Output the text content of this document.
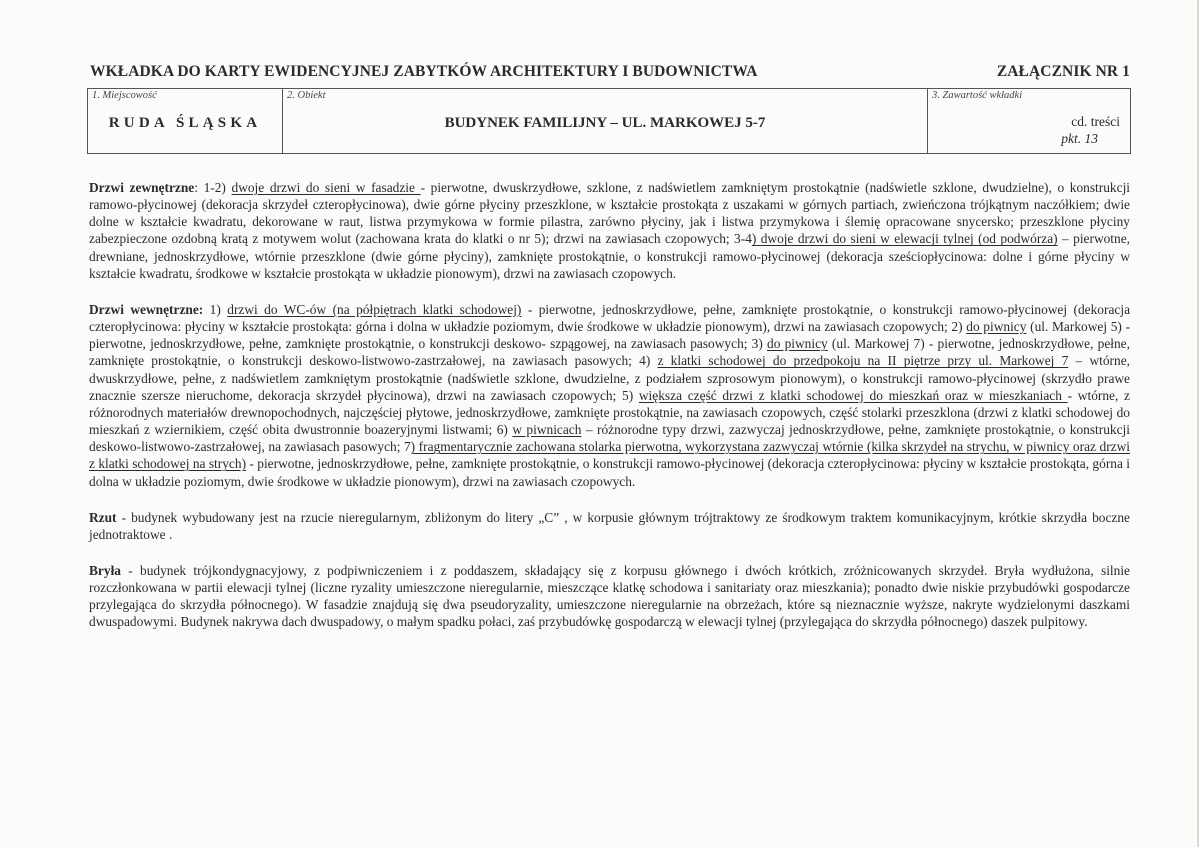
WKŁADKA DO KARTY EWIDENCYJNEJ ZABYTKÓW ARCHITEKTURY I BUDOWNICTWA	ZAŁĄCZNIK NR 1
1. Miejscowość
RUDA ŚLĄSKA
2. Obiekt
BUDYNEK FAMILIJNY – UL. MARKOWEJ 5-7
3. Zawartość wkładki
cd. treści
pkt. 13

Drzwi zewnętrzne: 1-2) dwoje drzwi do sieni w fasadzie - pierwotne, dwuskrzydłowe, szklone, z nadświetlem zamkniętym prostokątnie (nadświetle szklone, dwudzielne), o konstrukcji ramowo-płycinowej (dekoracja skrzydeł czteropłycinowa), dwie górne płyciny przeszklone, w kształcie prostokąta z uszakami w górnych partiach, zwieńczona trójkątnym naczółkiem; dwie dolne w kształcie kwadratu, dekorowane w raut, listwa przymykowa w formie pilastra, zarówno płyciny, jak i listwa przymykowa i ślemię opracowane snycersko; przeszklone płyciny zabezpieczone ozdobną kratą z motywem wolut (zachowana krata do klatki o nr 5); drzwi na zawiasach czopowych; 3-4) dwoje drzwi do sieni w elewacji tylnej (od podwórza) – pierwotne, drewniane, jednoskrzydłowe, wtórnie przeszklone (dwie górne płyciny), zamknięte prostokątnie, o konstrukcji ramowo-płycinowej (dekoracja sześciopłycinowa: dolne i górne płyciny w kształcie kwadratu, środkowe w kształcie prostokąta w układzie pionowym), drzwi na zawiasach czopowych.

Drzwi wewnętrzne: 1) drzwi do WC-ów (na półpiętrach klatki schodowej) - pierwotne, jednoskrzydłowe, pełne, zamknięte prostokątnie, o konstrukcji ramowo-płycinowej (dekoracja czteropłycinowa: płyciny w kształcie prostokąta: górna i dolna w układzie poziomym, dwie środkowe w układzie pionowym), drzwi na zawiasach czopowych; 2) do piwnicy (ul. Markowej 5) - pierwotne, jednoskrzydłowe, pełne, zamknięte prostokątnie, o konstrukcji deskowo- szpągowej, na zawiasach pasowych; 3) do piwnicy (ul. Markowej 7) - pierwotne, jednoskrzydłowe, pełne, zamknięte prostokątnie, o konstrukcji deskowo-listwowo-zastrzałowej, na zawiasach pasowych; 4) z klatki schodowej do przedpokoju na II piętrze przy ul. Markowej 7 – wtórne, dwuskrzydłowe, pełne, z nadświetlem zamkniętym prostokątnie (nadświetle szklone, dwudzielne, z podziałem szprosowym pionowym), o konstrukcji ramowo-płycinowej (skrzydło prawe znacznie szersze nieruchome, dekoracja skrzydeł płycinowa), drzwi na zawiasach czopowych; 5) większa część drzwi z klatki schodowej do mieszkań oraz w mieszkaniach - wtórne, z różnorodnych materiałów drewnopochodnych, najczęściej płytowe, jednoskrzydłowe, zamknięte prostokątnie, na zawiasach czopowych, część stolarki przeszklona (drzwi z klatki schodowej do mieszkań z wziernikiem, część obita dwustronnie boazeryjnymi listwami; 6) w piwnicach – różnorodne typy drzwi, zazwyczaj jednoskrzydłowe, pełne, zamknięte prostokątnie, o konstrukcji deskowo-listwowo-zastrzałowej, na zawiasach pasowych; 7) fragmentarycznie zachowana stolarka pierwotna, wykorzystana zazwyczaj wtórnie (kilka skrzydeł na strychu, w piwnicy oraz drzwi z klatki schodowej na strych) - pierwotne, jednoskrzydłowe, pełne, zamknięte prostokątnie, o konstrukcji ramowo-płycinowej (dekoracja czteropłycinowa: płyciny w kształcie prostokąta, górna i dolna w układzie poziomym, dwie środkowe w układzie pionowym), drzwi na zawiasach czopowych.

Rzut - budynek wybudowany jest na rzucie nieregularnym, zbliżonym do litery „C” , w korpusie głównym trójtraktowy ze środkowym traktem komunikacyjnym, krótkie skrzydła boczne jednotraktowe .

Bryła - budynek trójkondygnacyjowy, z podpiwniczeniem i z poddaszem, składający się z korpusu głównego i dwóch krótkich, zróżnicowanych skrzydeł. Bryła wydłużona, silnie rozczłonkowana w partii elewacji tylnej (liczne ryzality umieszczone nieregularnie, mieszczące klatkę schodowa i sanitariaty oraz mieszkania); ponadto dwie niskie przybudówki gospodarcze przylegająca do skrzydła północnego). W fasadzie znajdują się dwa pseudoryzality, umieszczone nieregularnie na obrzeżach, które są nieznacznie wyższe, nakryte wydzielonymi daszkami dwuspadowymi. Budynek nakrywa dach dwuspadowy, o małym spadku połaci, zaś przybudówkę gospodarczą w elewacji tylnej (przylegająca do skrzydła północnego) daszek pulpitowy.
